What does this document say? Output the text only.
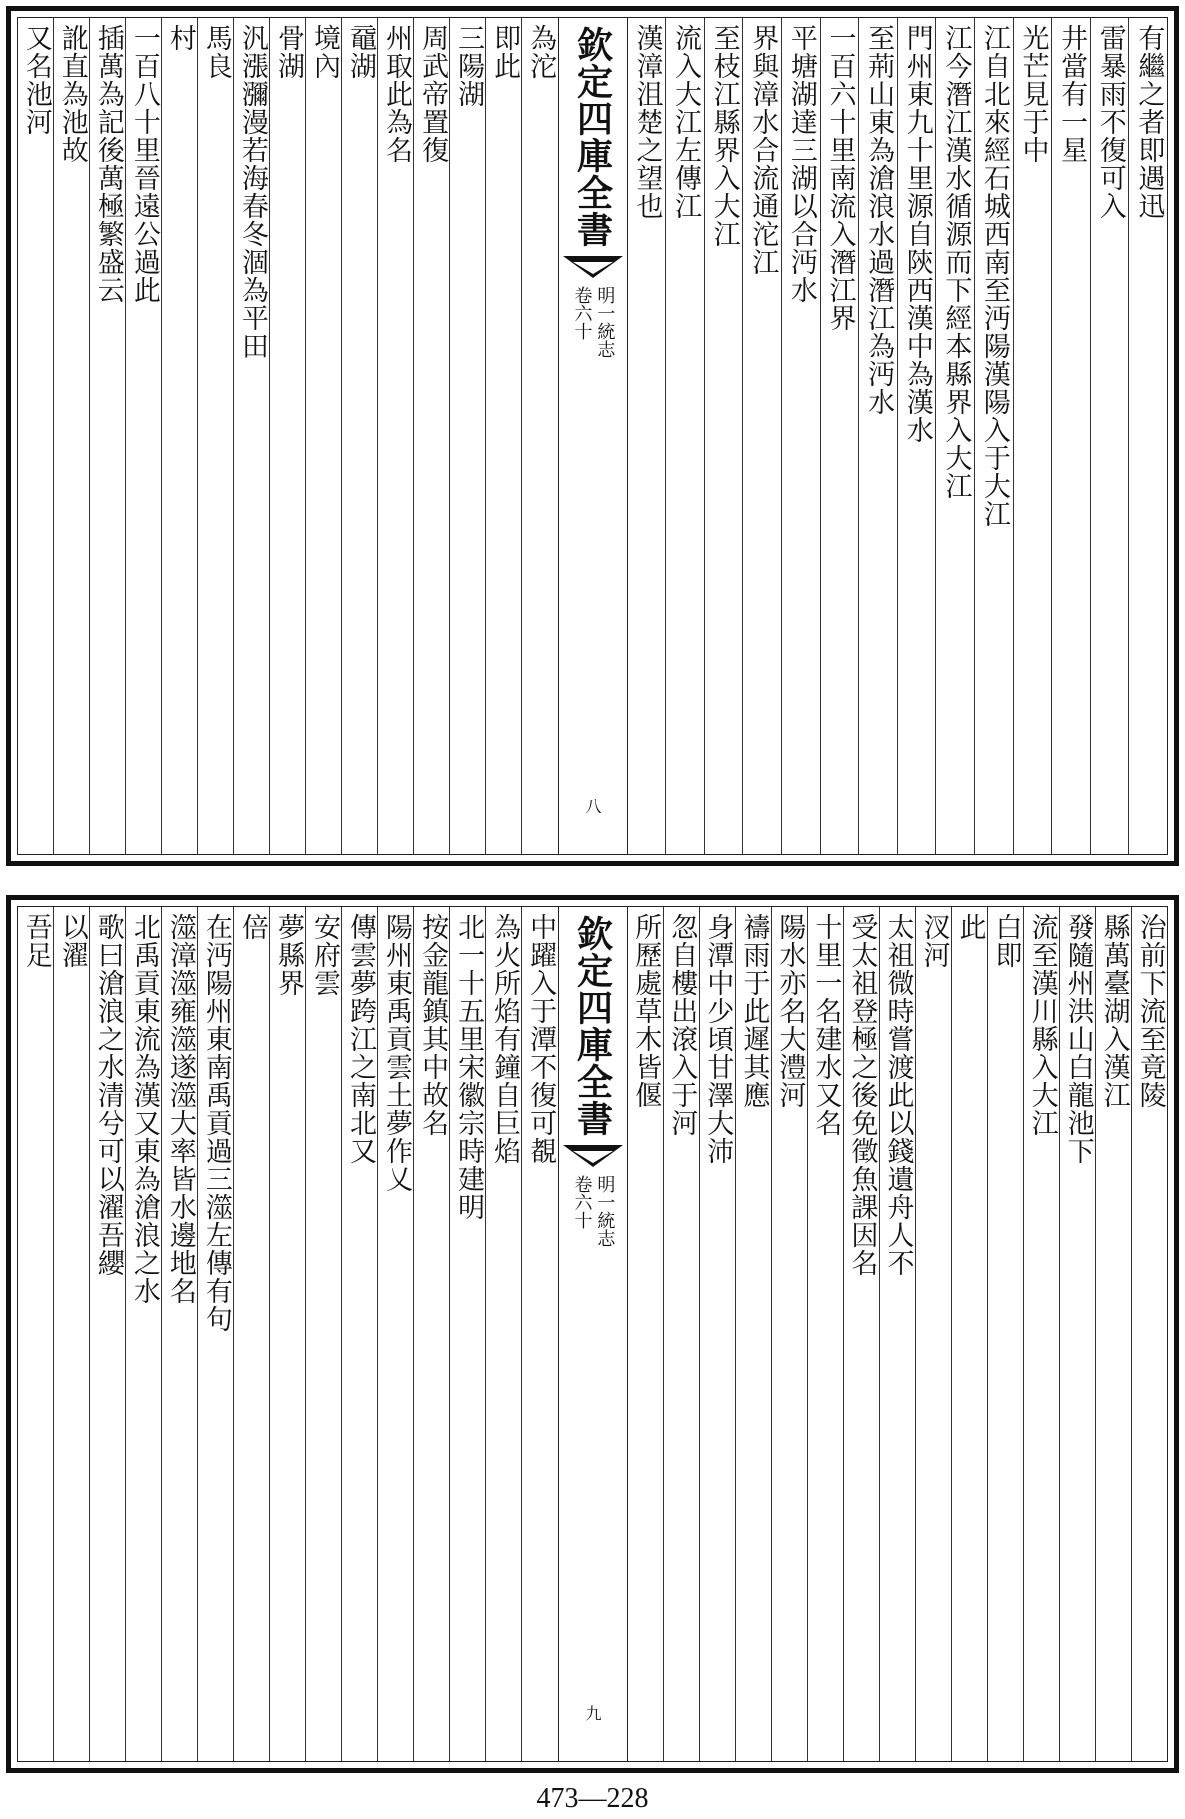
有繼之者即遇迅
雷暴雨不復可入
井當有一星
光芒見于中
江自北來經石城西南至沔陽漢陽入于大江
江今潛江漢水循源而下經本縣界入大江
門州東九十里源自陝西漢中為漢水
至荊山東為滄浪水過潛江為沔水
一百六十里南流入潛江界
平塘湖達三湖以合沔水
界與漳水合流通沱江
至枝江縣界入大江
流入大江左傳江
漢漳沮楚之望也
欽定四庫全書
明一統志
卷六十
八
為沱
即此
三陽湖
周武帝置復
州取此為名
黿湖
境內
骨湖
汎漲瀰漫若海春冬涸為平田
馬良
村
一百八十里晉遠公過此
插萬為記後萬極繁盛云
訛直為池故
又名池河
治前下流至竟陵
縣萬臺湖入漢江
發隨州洪山白龍池下
流至漢川縣入大江
白即
此
汊河
太祖微時嘗渡此以錢遺舟人不
受太祖登極之後免徵魚課因名
十里一名建水又名
陽水亦名大澧河
禱雨于此遲其應
身潭中少頃甘澤大沛
忽自樓出滾入于河
所歷處草木皆偃
欽定四庫全書
明一統志
卷六十
九
中躍入于潭不復可覩
為火所焰有鐘自巨焰
北一十五里宋徽宗時建明
按金龍鎮其中故名
陽州東禹貢雲土夢作乂
傳雲夢跨江之南北又
安府雲
夢縣界
倍
在沔陽州東南禹貢過三澨左傳有句
澨漳澨雍澨遂澨大率皆水邊地名
北禹貢東流為漢又東為滄浪之水
歌曰滄浪之水清兮可以濯吾纓
以濯
吾足
473—228
